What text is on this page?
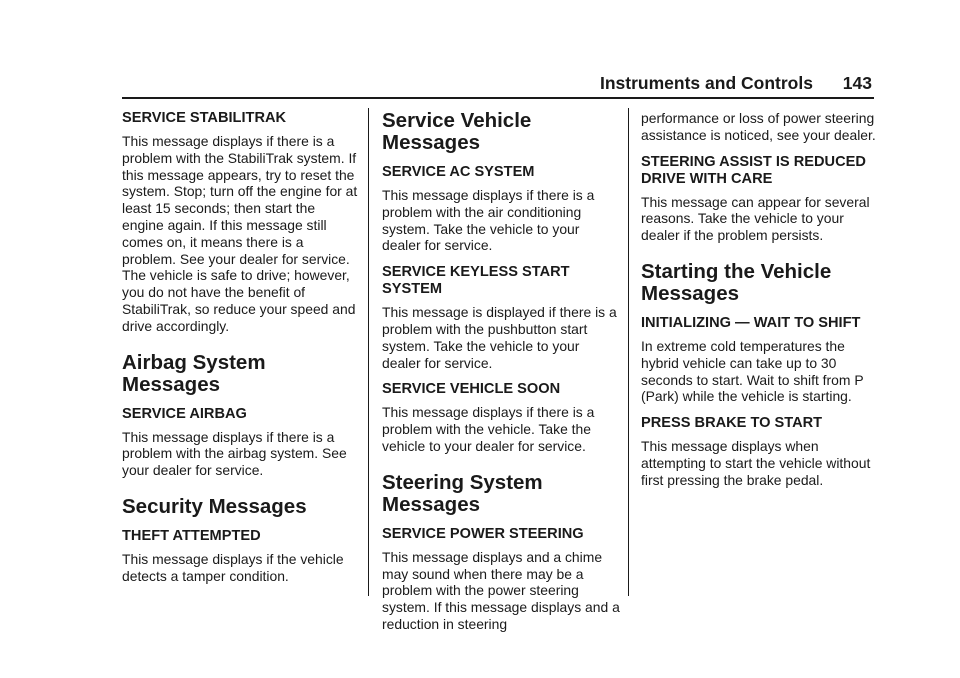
Instruments and Controls 143
SERVICE STABILITRAK

This message displays if there is a problem with the StabiliTrak system. If this message appears, try to reset the system. Stop; turn off the engine for at least 15 seconds; then start the engine again. If this message still comes on, it means there is a problem. See your dealer for service. The vehicle is safe to drive; however, you do not have the benefit of StabiliTrak, so reduce your speed and drive accordingly.

Airbag System Messages
SERVICE AIRBAG

This message displays if there is a problem with the airbag system. See your dealer for service.

Security Messages
THEFT ATTEMPTED

This message displays if the vehicle detects a tamper condition.

Service Vehicle Messages
SERVICE AC SYSTEM

This message displays if there is a problem with the air conditioning system. Take the vehicle to your dealer for service.

SERVICE KEYLESS START SYSTEM

This message is displayed if there is a problem with the pushbutton start system. Take the vehicle to your dealer for service.

SERVICE VEHICLE SOON

This message displays if there is a problem with the vehicle. Take the vehicle to your dealer for service.

Steering System Messages
SERVICE POWER STEERING

This message displays and a chime may sound when there may be a problem with the power steering system. If this message displays and a reduction in steering

performance or loss of power steering assistance is noticed, see your dealer.

STEERING ASSIST IS REDUCED DRIVE WITH CARE

This message can appear for several reasons. Take the vehicle to your dealer if the problem persists.

Starting the Vehicle Messages
INITIALIZING — WAIT TO SHIFT

In extreme cold temperatures the hybrid vehicle can take up to 30 seconds to start. Wait to shift from P (Park) while the vehicle is starting.

PRESS BRAKE TO START

This message displays when attempting to start the vehicle without first pressing the brake pedal.
